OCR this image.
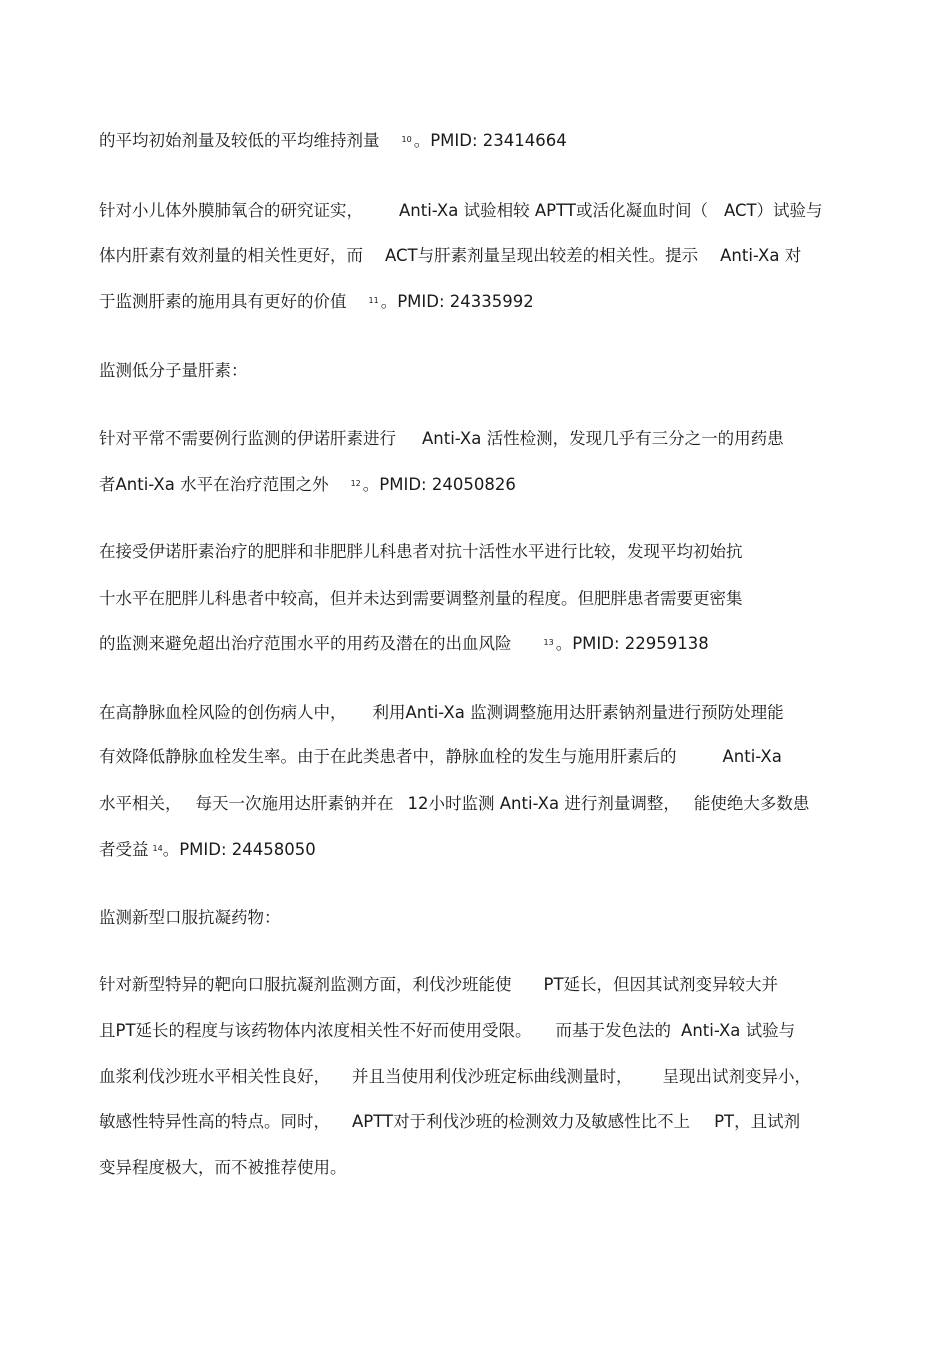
的平均初始剂量及较低的平均维持剂量	$^{10}$ 。PMID: 23414664
针对小儿体外膜肺氧合的研究证实， Anti-Xa 试验相较 APTT或活化凝血时间（ ACT）试验与
体内肝素有效剂量的相关性更好，而 ACT与肝素剂量呈现出较差的相关性。提示 Anti-Xa 对
于监测肝素的施用具有更好的价值	$^{11}$ 。PMID: 24335992
监测低分子量肝素：
针对平常不需要例行监测的伊诺肝素进行 Anti-Xa 活性检测，发现几乎有三分之一的用药患
者Anti-Xa 水平在治疗范围之外	$^{12}$ 。PMID: 24050826
在接受伊诺肝素治疗的肥胖和非肥胖儿科患者对抗十活性水平进行比较，发现平均初始抗
十水平在肥胖儿科患者中较高，但并未达到需要调整剂量的程度。但肥胖患者需要更密集
的监测来避免超出治疗范围水平的用药及潜在的出血风险	$^{13}$ 。PMID: 22959138
在高静脉血栓风险的创伤病人中， 利用Anti-Xa 监测调整施用达肝素钠剂量进行预防处理能
有效降低静脉血栓发生率。由于在此类患者中，静脉血栓的发生与施用肝素后的	Anti-Xa
水平相关， 每天一次施用达肝素钠并在 12小时监测 Anti-Xa 进行剂量调整， 能使绝大多数患
者受益 $^{14}$。PMID: 24458050
监测新型口服抗凝药物：
针对新型特异的靶向口服抗凝剂监测方面，利伐沙班能使 PT延长，但因其试剂变异较大并
且PT延长的程度与该药物体内浓度相关性不好而使用受限。 而基于发色法的 Anti-Xa 试验与
血浆利伐沙班水平相关性良好， 并且当使用利伐沙班定标曲线测量时， 呈现出试剂变异小，
敏感性特异性高的特点。同时， APTT对于利伐沙班的检测效力及敏感性比不上 PT，且试剂
变异程度极大，而不被推荐使用。
